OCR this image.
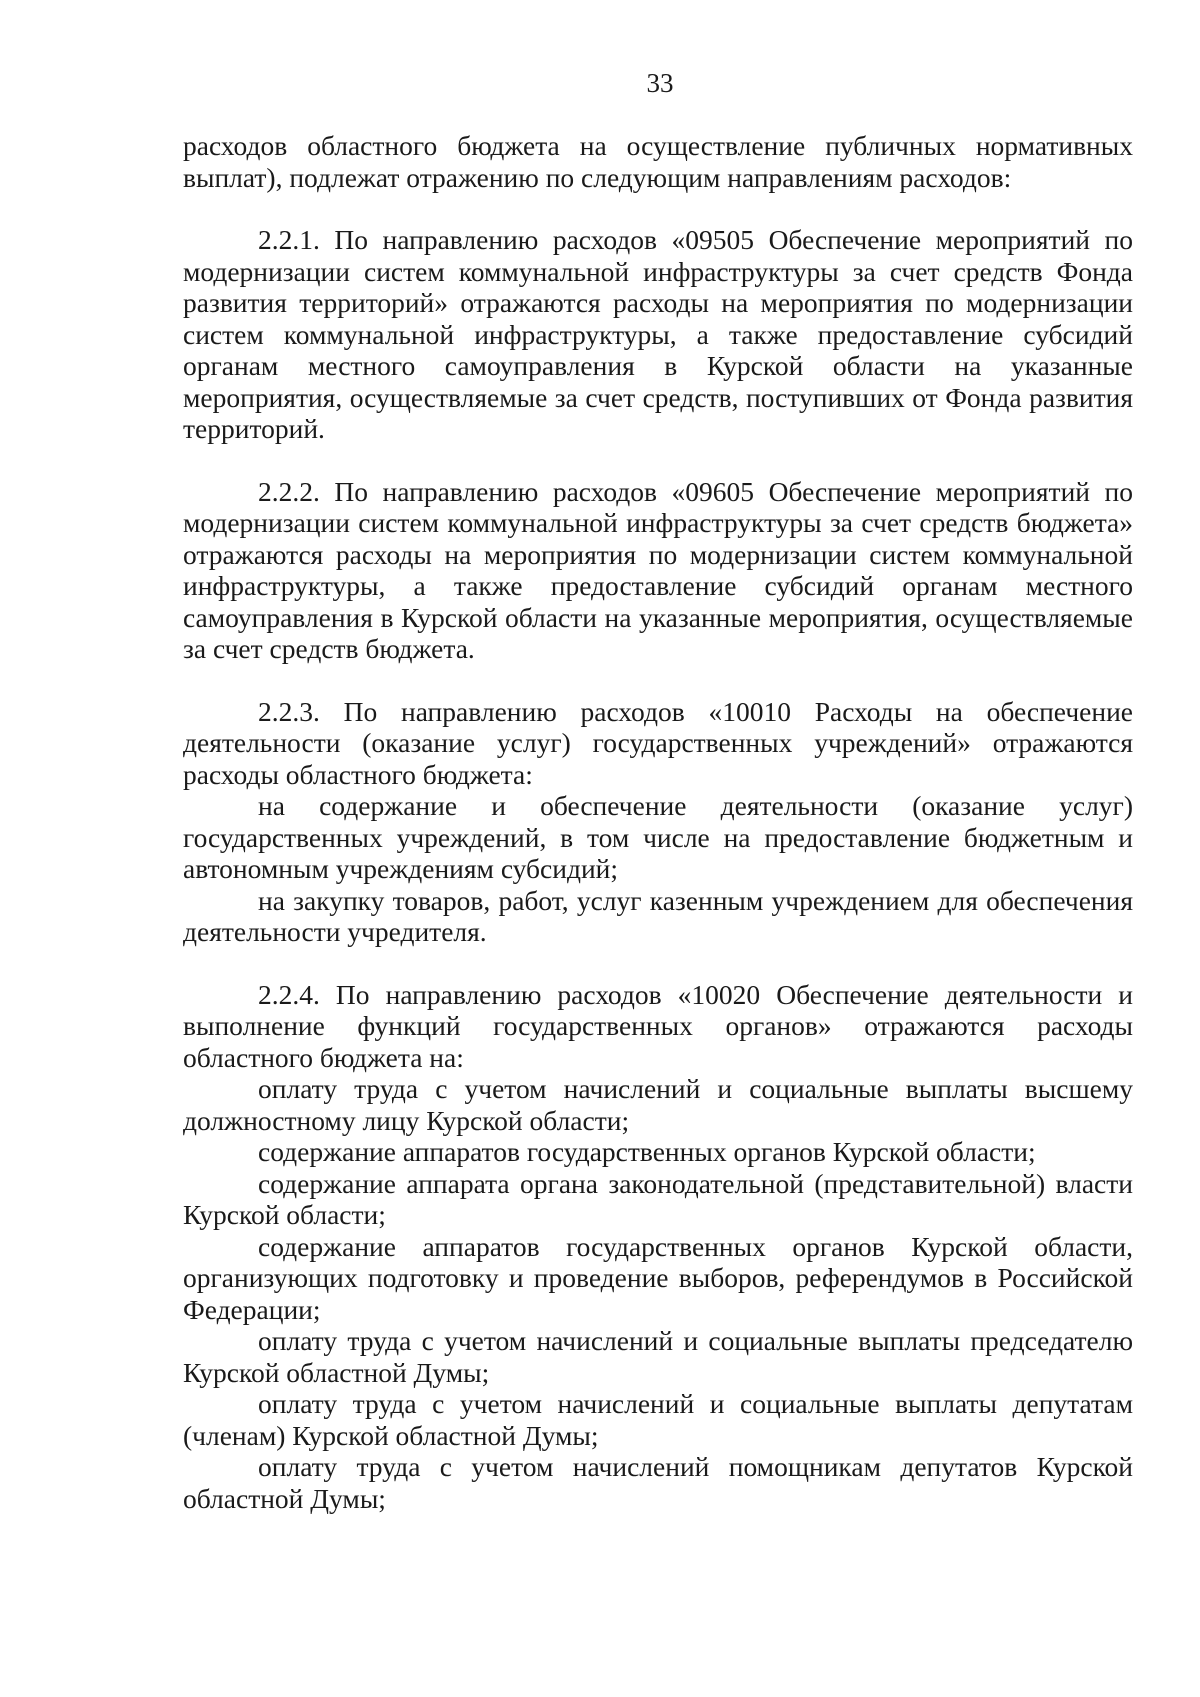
33

расходов областного бюджета на осуществление публичных нормативных выплат), подлежат отражению по следующим направлениям расходов:

2.2.1. По направлению расходов «09505 Обеспечение мероприятий по модернизации систем коммунальной инфраструктуры за счет средств Фонда развития территорий» отражаются расходы на мероприятия по модернизации систем коммунальной инфраструктуры, а также предоставление субсидий органам местного самоуправления в Курской области на указанные мероприятия, осуществляемые за счет средств, поступивших от Фонда развития территорий.

2.2.2. По направлению расходов «09605 Обеспечение мероприятий по модернизации систем коммунальной инфраструктуры за счет средств бюджета» отражаются расходы на мероприятия по модернизации систем коммунальной инфраструктуры, а также предоставление субсидий органам местного самоуправления в Курской области на указанные мероприятия, осуществляемые за счет средств бюджета.

2.2.3. По направлению расходов «10010 Расходы на обеспечение деятельности (оказание услуг) государственных учреждений» отражаются расходы областного бюджета:

на содержание и обеспечение деятельности (оказание услуг) государственных учреждений, в том числе на предоставление бюджетным и автономным учреждениям субсидий;

на закупку товаров, работ, услуг казенным учреждением для обеспечения деятельности учредителя.

2.2.4. По направлению расходов «10020 Обеспечение деятельности и выполнение функций государственных органов» отражаются расходы областного бюджета на:

оплату труда с учетом начислений и социальные выплаты высшему должностному лицу Курской области;

содержание аппаратов государственных органов Курской области;

содержание аппарата органа законодательной (представительной) власти Курской области;

содержание аппаратов государственных органов Курской области, организующих подготовку и проведение выборов, референдумов в Российской Федерации;

оплату труда с учетом начислений и социальные выплаты председателю Курской областной Думы;

оплату труда с учетом начислений и социальные выплаты депутатам (членам) Курской областной Думы;

оплату труда с учетом начислений помощникам депутатов Курской областной Думы;
